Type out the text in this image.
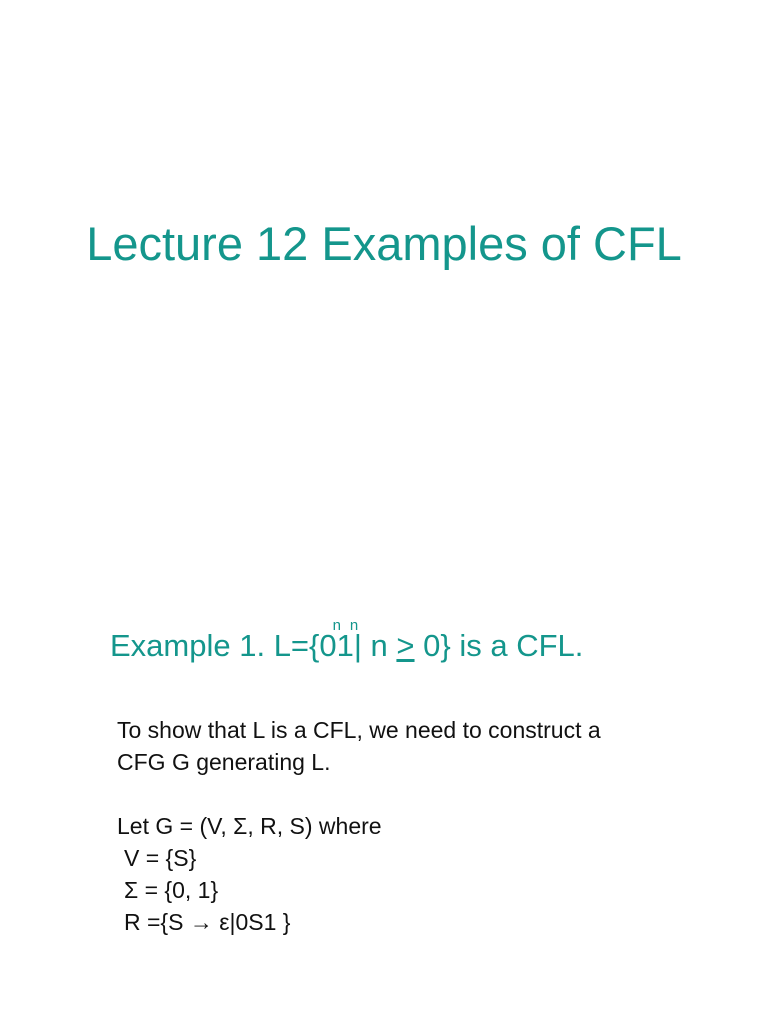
Lecture 12 Examples of CFL
Example 1. L={0n1n| n ≥ 0} is a CFL.

To show that L is a CFL, we need to construct a

CFG G generating L.

Let G = (V, Σ, R, S) where

V = {S}

Σ = {0, 1}

R ={S → ε|0S1 }
